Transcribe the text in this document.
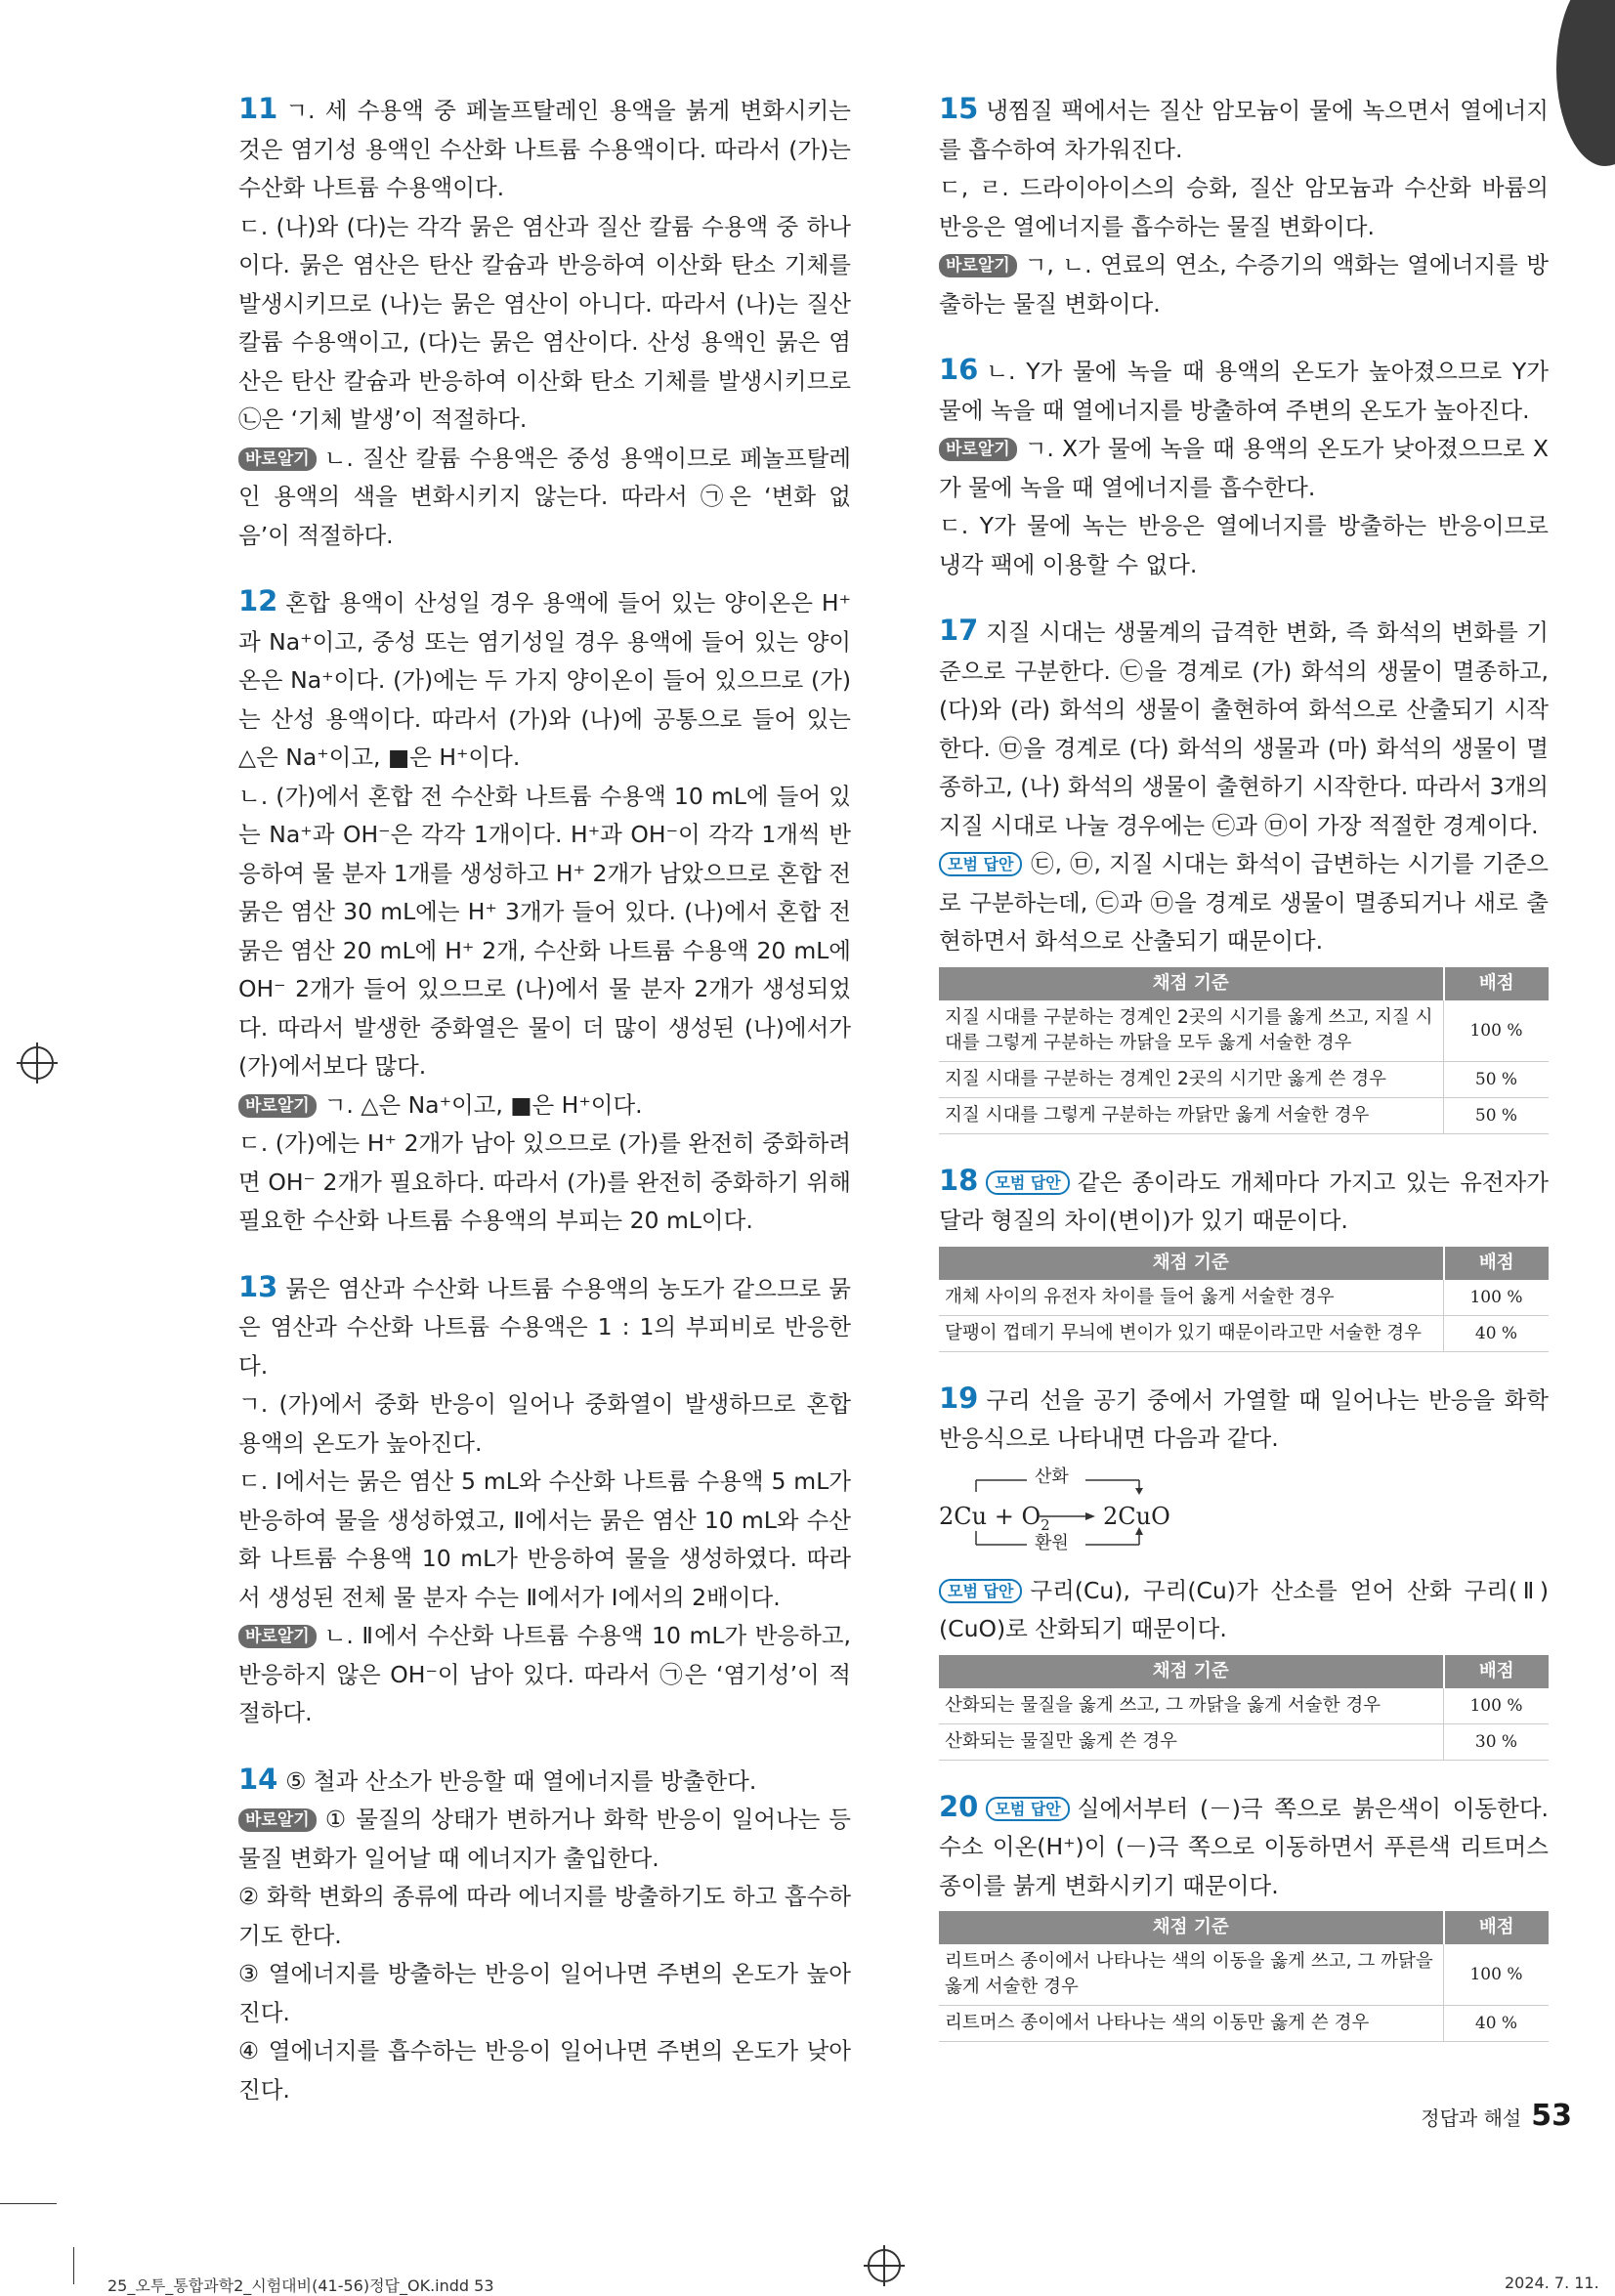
11 ㄱ. 세 수용액 중 페놀프탈레인 용액을 붉게 변화시키는 것은 염기성 용액인 수산화 나트륨 수용액이다. 따라서 (가)는 수산화 나트륨 수용액이다.

ㄷ. (나)와 (다)는 각각 묽은 염산과 질산 칼륨 수용액 중 하나이다. 묽은 염산은 탄산 칼슘과 반응하여 이산화 탄소 기체를 발생시키므로 (나)는 묽은 염산이 아니다. 따라서 (나)는 질산 칼륨 수용액이고, (다)는 묽은 염산이다. 산성 용액인 묽은 염산은 탄산 칼슘과 반응하여 이산화 탄소 기체를 발생시키므로 ㉡은 ‘기체 발생’이 적절하다.

바로알기 ㄴ. 질산 칼륨 수용액은 중성 용액이므로 페놀프탈레인 용액의 색을 변화시키지 않는다. 따라서 ㉠은 ‘변화 없음’이 적절하다.

12 혼합 용액이 산성일 경우 용액에 들어 있는 양이온은 H⁺과 Na⁺이고, 중성 또는 염기성일 경우 용액에 들어 있는 양이온은 Na⁺이다. (가)에는 두 가지 양이온이 들어 있으므로 (가)는 산성 용액이다. 따라서 (가)와 (나)에 공통으로 들어 있는 △은 Na⁺이고, ■은 H⁺이다.

ㄴ. (가)에서 혼합 전 수산화 나트륨 수용액 10 mL에 들어 있는 Na⁺과 OH⁻은 각각 1개이다. H⁺과 OH⁻이 각각 1개씩 반응하여 물 분자 1개를 생성하고 H⁺ 2개가 남았으므로 혼합 전 묽은 염산 30 mL에는 H⁺ 3개가 들어 있다. (나)에서 혼합 전 묽은 염산 20 mL에 H⁺ 2개, 수산화 나트륨 수용액 20 mL에 OH⁻ 2개가 들어 있으므로 (나)에서 물 분자 2개가 생성되었다. 따라서 발생한 중화열은 물이 더 많이 생성된 (나)에서가 (가)에서보다 많다.

바로알기 ㄱ. △은 Na⁺이고, ■은 H⁺이다.

ㄷ. (가)에는 H⁺ 2개가 남아 있으므로 (가)를 완전히 중화하려면 OH⁻ 2개가 필요하다. 따라서 (가)를 완전히 중화하기 위해 필요한 수산화 나트륨 수용액의 부피는 20 mL이다.

13 묽은 염산과 수산화 나트륨 수용액의 농도가 같으므로 묽은 염산과 수산화 나트륨 수용액은 1 : 1의 부피비로 반응한다.

ㄱ. (가)에서 중화 반응이 일어나 중화열이 발생하므로 혼합 용액의 온도가 높아진다.

ㄷ. Ⅰ에서는 묽은 염산 5 mL와 수산화 나트륨 수용액 5 mL가 반응하여 물을 생성하였고, Ⅱ에서는 묽은 염산 10 mL와 수산화 나트륨 수용액 10 mL가 반응하여 물을 생성하였다. 따라서 생성된 전체 물 분자 수는 Ⅱ에서가 Ⅰ에서의 2배이다.

바로알기 ㄴ. Ⅱ에서 수산화 나트륨 수용액 10 mL가 반응하고, 반응하지 않은 OH⁻이 남아 있다. 따라서 ㉠은 ‘염기성’이 적절하다.

14 ⑤ 철과 산소가 반응할 때 열에너지를 방출한다.

바로알기 ① 물질의 상태가 변하거나 화학 반응이 일어나는 등 물질 변화가 일어날 때 에너지가 출입한다.

② 화학 변화의 종류에 따라 에너지를 방출하기도 하고 흡수하기도 한다.

③ 열에너지를 방출하는 반응이 일어나면 주변의 온도가 높아진다.

④ 열에너지를 흡수하는 반응이 일어나면 주변의 온도가 낮아진다.

15 냉찜질 팩에서는 질산 암모늄이 물에 녹으면서 열에너지를 흡수하여 차가워진다.

ㄷ, ㄹ. 드라이아이스의 승화, 질산 암모늄과 수산화 바륨의 반응은 열에너지를 흡수하는 물질 변화이다.

바로알기 ㄱ, ㄴ. 연료의 연소, 수증기의 액화는 열에너지를 방출하는 물질 변화이다.

16 ㄴ. Y가 물에 녹을 때 용액의 온도가 높아졌으므로 Y가 물에 녹을 때 열에너지를 방출하여 주변의 온도가 높아진다.

바로알기 ㄱ. X가 물에 녹을 때 용액의 온도가 낮아졌으므로 X가 물에 녹을 때 열에너지를 흡수한다.

ㄷ. Y가 물에 녹는 반응은 열에너지를 방출하는 반응이므로 냉각 팩에 이용할 수 없다.

17 지질 시대는 생물계의 급격한 변화, 즉 화석의 변화를 기준으로 구분한다. ㉢을 경계로 (가) 화석의 생물이 멸종하고, (다)와 (라) 화석의 생물이 출현하여 화석으로 산출되기 시작한다. ㉤을 경계로 (다) 화석의 생물과 (마) 화석의 생물이 멸종하고, (나) 화석의 생물이 출현하기 시작한다. 따라서 3개의 지질 시대로 나눌 경우에는 ㉢과 ㉤이 가장 적절한 경계이다.

모범 답안 ㉢, ㉤, 지질 시대는 화석이 급변하는 시기를 기준으로 구분하는데, ㉢과 ㉤을 경계로 생물이 멸종되거나 새로 출현하면서 화석으로 산출되기 때문이다.

채점 기준	배점
지질 시대를 구분하는 경계인 2곳의 시기를 옳게 쓰고, 지질 시대를 그렇게 구분하는 까닭을 모두 옳게 서술한 경우	100 %
지질 시대를 구분하는 경계인 2곳의 시기만 옳게 쓴 경우	50 %
지질 시대를 그렇게 구분하는 까닭만 옳게 서술한 경우	50 %

18 모범 답안 같은 종이라도 개체마다 가지고 있는 유전자가 달라 형질의 차이(변이)가 있기 때문이다.

채점 기준	배점
개체 사이의 유전자 차이를 들어 옳게 서술한 경우	100 %
달팽이 껍데기 무늬에 변이가 있기 때문이라고만 서술한 경우	40 %

19 구리 선을 공기 중에서 가열할 때 일어나는 반응을 화학 반응식으로 나타내면 다음과 같다.

산화
$2Cu + O_2$ 2CuO
환원

모범 답안 구리(Cu), 구리(Cu)가 산소를 얻어 산화 구리(Ⅱ)(CuO)로 산화되기 때문이다.

채점 기준	배점
산화되는 물질을 옳게 쓰고, 그 까닭을 옳게 서술한 경우	100 %
산화되는 물질만 옳게 쓴 경우	30 %

20 모범 답안 실에서부터 (－)극 쪽으로 붉은색이 이동한다. 수소 이온(H⁺)이 (－)극 쪽으로 이동하면서 푸른색 리트머스 종이를 붉게 변화시키기 때문이다.

채점 기준	배점
리트머스 종이에서 나타나는 색의 이동을 옳게 쓰고, 그 까닭을 옳게 서술한 경우	100 %
리트머스 종이에서 나타나는 색의 이동만 옳게 쓴 경우	40 %
정답과 해설 53
25_오투_통합과학2_시험대비(41-56)정답_OK.indd 53	2024. 7. 11.
